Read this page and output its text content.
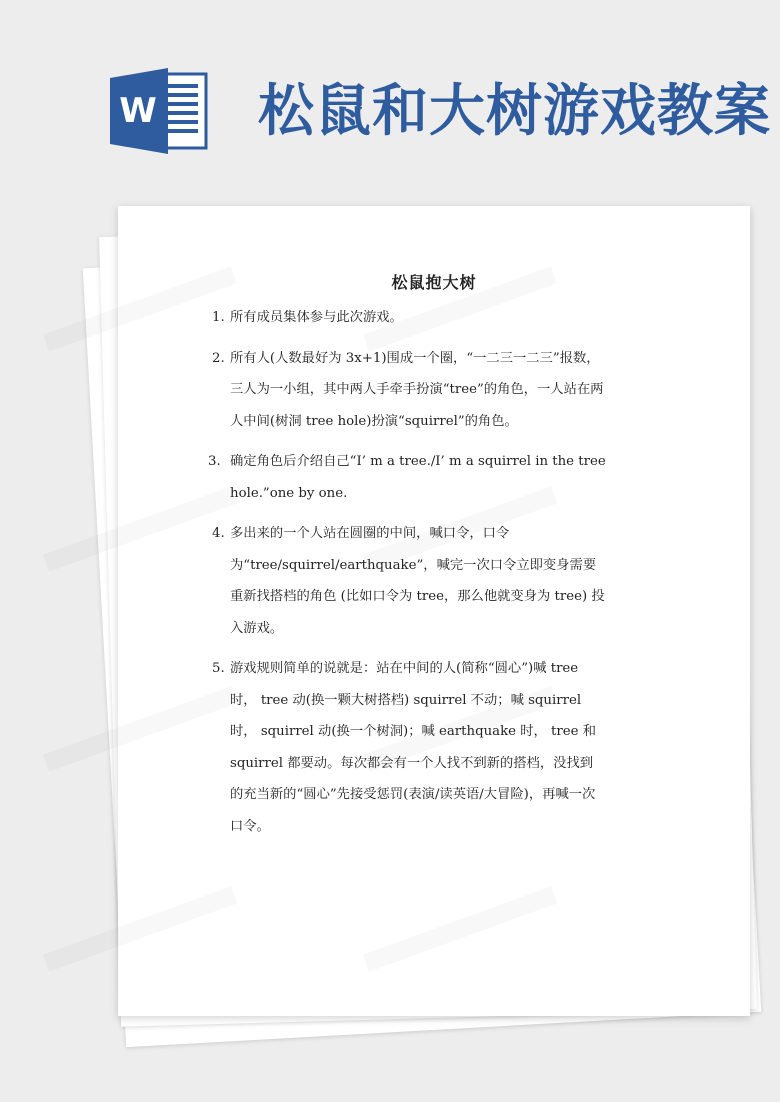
W 松鼠和大树游戏教案
松鼠抱大树
1. 所有成员集体参与此次游戏。
2. 所有人(人数最好为 3x+1)围成一个圈，“一二三一二三”报数，三人为一小组，其中两人手牵手扮演“tree”的角色，一人站在两人中间(树洞 tree hole)扮演“squirrel”的角色。
3. 确定角色后介绍自己“I’ m a tree./I’ m a squirrel in the tree hole.”one by one.
4. 多出来的一个人站在圆圈的中间，喊口令，口令为“tree/squirrel/earthquake”，喊完一次口令立即变身需要重新找搭档的角色 (比如口令为 tree，那么他就变身为 tree) 投入游戏。
5. 游戏规则简单的说就是：站在中间的人(简称“圆心”)喊 tree 时， tree 动(换一颗大树搭档) squirrel 不动；喊 squirrel 时， squirrel 动(换一个树洞)；喊 earthquake 时， tree 和 squirrel 都要动。每次都会有一个人找不到新的搭档，没找到的充当新的“圆心”先接受惩罚(表演/读英语/大冒险)，再喊一次口令。
